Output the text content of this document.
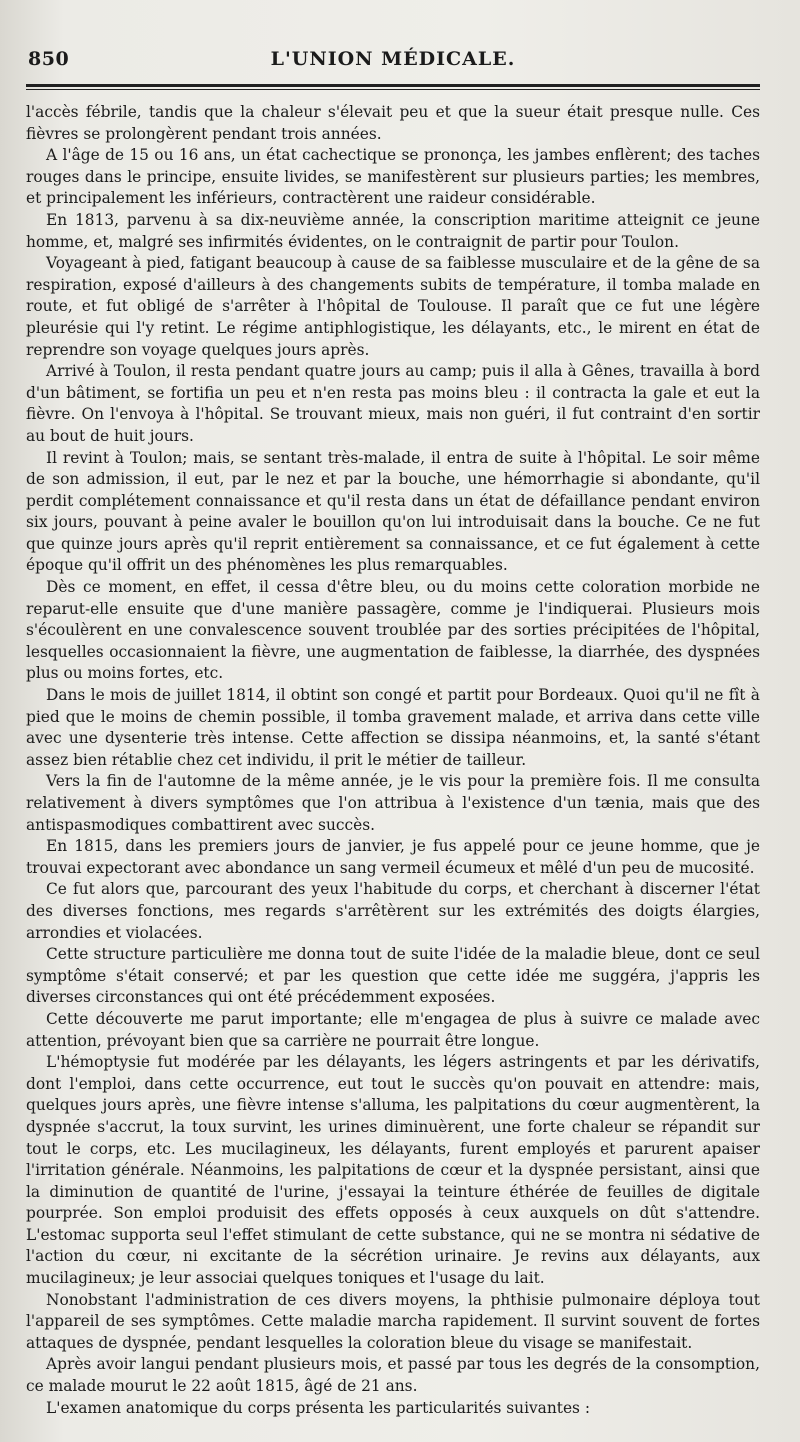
850	L'UNION MÉDICALE.

l'accès fébrile, tandis que la chaleur s'élevait peu et que la sueur était presque nulle. Ces fièvres se prolongèrent pendant trois années.

A l'âge de 15 ou 16 ans, un état cachectique se prononça, les jambes enflèrent; des taches rouges dans le principe, ensuite livides, se manifestèrent sur plusieurs parties; les membres, et principalement les inférieurs, contractèrent une raideur considérable.

En 1813, parvenu à sa dix-neuvième année, la conscription maritime atteignit ce jeune homme, et, malgré ses infirmités évidentes, on le contraignit de partir pour Toulon.

Voyageant à pied, fatigant beaucoup à cause de sa faiblesse musculaire et de la gêne de sa respiration, exposé d'ailleurs à des changements subits de température, il tomba malade en route, et fut obligé de s'arrêter à l'hôpital de Toulouse. Il paraît que ce fut une légère pleurésie qui l'y retint. Le régime antiphlogistique, les délayants, etc., le mirent en état de reprendre son voyage quelques jours après.

Arrivé à Toulon, il resta pendant quatre jours au camp; puis il alla à Gênes, travailla à bord d'un bâtiment, se fortifia un peu et n'en resta pas moins bleu : il contracta la gale et eut la fièvre. On l'envoya à l'hôpital. Se trouvant mieux, mais non guéri, il fut contraint d'en sortir au bout de huit jours.

Il revint à Toulon; mais, se sentant très-malade, il entra de suite à l'hôpital. Le soir même de son admission, il eut, par le nez et par la bouche, une hémorrhagie si abondante, qu'il perdit complétement connaissance et qu'il resta dans un état de défaillance pendant environ six jours, pouvant à peine avaler le bouillon qu'on lui introduisait dans la bouche. Ce ne fut que quinze jours après qu'il reprit entièrement sa connaissance, et ce fut également à cette époque qu'il offrit un des phénomènes les plus remarquables.

Dès ce moment, en effet, il cessa d'être bleu, ou du moins cette coloration morbide ne reparut-elle ensuite que d'une manière passagère, comme je l'indiquerai. Plusieurs mois s'écoulèrent en une convalescence souvent troublée par des sorties précipitées de l'hôpital, lesquelles occasionnaient la fièvre, une augmentation de faiblesse, la diarrhée, des dyspnées plus ou moins fortes, etc.

Dans le mois de juillet 1814, il obtint son congé et partit pour Bordeaux. Quoi qu'il ne fît à pied que le moins de chemin possible, il tomba gravement malade, et arriva dans cette ville avec une dysenterie très intense. Cette affection se dissipa néanmoins, et, la santé s'étant assez bien rétablie chez cet individu, il prit le métier de tailleur.

Vers la fin de l'automne de la même année, je le vis pour la première fois. Il me consulta relativement à divers symptômes que l'on attribua à l'existence d'un tænia, mais que des antispasmodiques combattirent avec succès.

En 1815, dans les premiers jours de janvier, je fus appelé pour ce jeune homme, que je trouvai expectorant avec abondance un sang vermeil écumeux et mêlé d'un peu de mucosité.

Ce fut alors que, parcourant des yeux l'habitude du corps, et cherchant à discerner l'état des diverses fonctions, mes regards s'arrêtèrent sur les extrémités des doigts élargies, arrondies et violacées.

Cette structure particulière me donna tout de suite l'idée de la maladie bleue, dont ce seul symptôme s'était conservé; et par les question que cette idée me suggéra, j'appris les diverses circonstances qui ont été précédemment exposées.

Cette découverte me parut importante; elle m'engagea de plus à suivre ce malade avec attention, prévoyant bien que sa carrière ne pourrait être longue.

L'hémoptysie fut modérée par les délayants, les légers astringents et par les dérivatifs, dont l'emploi, dans cette occurrence, eut tout le succès qu'on pouvait en attendre: mais, quelques jours après, une fièvre intense s'alluma, les palpitations du cœur augmentèrent, la dyspnée s'accrut, la toux survint, les urines diminuèrent, une forte chaleur se répandit sur tout le corps, etc. Les mucilagineux, les délayants, furent employés et parurent apaiser l'irritation générale. Néanmoins, les palpitations de cœur et la dyspnée persistant, ainsi que la diminution de quantité de l'urine, j'essayai la teinture éthérée de feuilles de digitale pourprée. Son emploi produisit des effets opposés à ceux auxquels on dût s'attendre. L'estomac supporta seul l'effet stimulant de cette substance, qui ne se montra ni sédative de l'action du cœur, ni excitante de la sécrétion urinaire. Je revins aux délayants, aux mucilagineux; je leur associai quelques toniques et l'usage du lait.

Nonobstant l'administration de ces divers moyens, la phthisie pulmonaire déploya tout l'appareil de ses symptômes. Cette maladie marcha rapidement. Il survint souvent de fortes attaques de dyspnée, pendant lesquelles la coloration bleue du visage se manifestait.

Après avoir langui pendant plusieurs mois, et passé par tous les degrés de la consomption, ce malade mourut le 22 août 1815, âgé de 21 ans.

L'examen anatomique du corps présenta les particularités suivantes :
